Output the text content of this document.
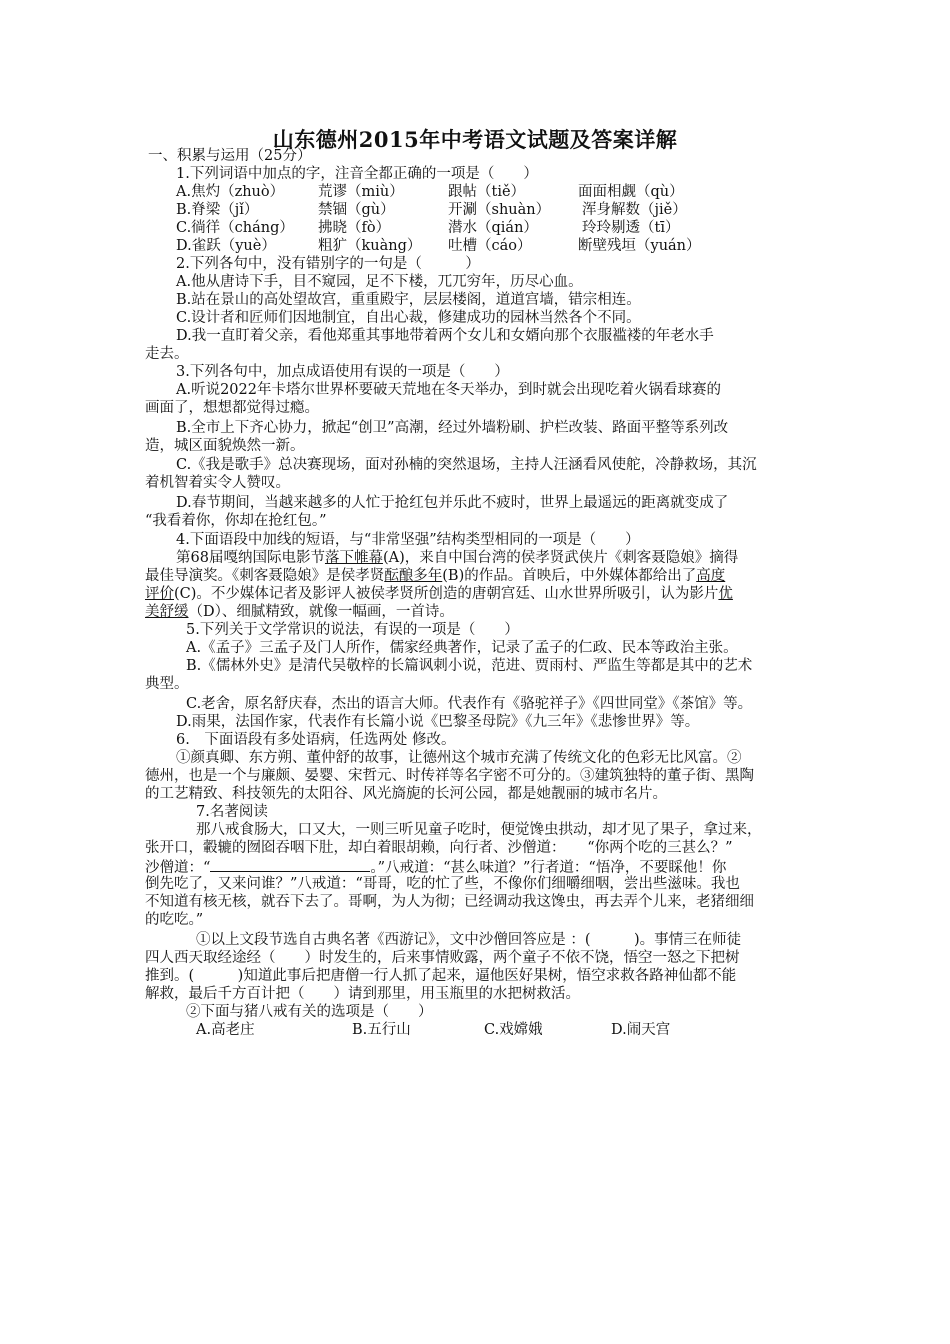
山东德州2015年中考语文试题及答案详解
一、积累与运用（25分）
1.下列词语中加点的字，注音全都正确的一项是（　　）
A.焦灼（zhuò） 荒谬（miù）	跟帖（tiě）	面面相觑（qù）
B.脊梁（jǐ）	禁锢（gù）	开涮（shuàn） 浑身解数（jiě）
C.徜徉（cháng） 拂晓（fò）	潜水（qián）	玲玲剔透（tī）
D.雀跃（yuè）	粗犷（kuàng） 吐槽（cáo）	断壁残垣（yuán）
2.下列各句中，没有错别字的一句是（　　　）
A.他从唐诗下手，目不窥园，足不下楼，兀兀穷年，历尽心血。
B.站在景山的高处望故宫，重重殿宇，层层楼阁，道道宫墙，错宗相连。
C.设计者和匠师们因地制宜，自出心裁，修建成功的园林当然各个不同。
D.我一直盯着父亲，看他郑重其事地带着两个女儿和女婿向那个衣服褴褛的年老水手
走去。
3.下列各句中，加点成语使用有误的一项是（　　）
A.听说2022年卡塔尔世界杯要破天荒地在冬天举办，到时就会出现吃着火锅看球赛的
画面了，想想都觉得过瘾。
B.全市上下齐心协力，掀起“创卫”高潮，经过外墙粉刷、护栏改装、路面平整等系列改
造，城区面貌焕然一新。
C.《我是歌手》总决赛现场，面对孙楠的突然退场，主持人汪涵看风使舵，冷静救场，其沉
着机智着实令人赞叹。
D.春节期间，当越来越多的人忙于抢红包并乐此不疲时，世界上最遥远的距离就变成了
“我看着你，你却在抢红包。”
4.下面语段中加线的短语，与“非常坚强”结构类型相同的一项是（　　）
第68届嘎纳国际电影节落下帷幕(A)，来自中国台湾的侯孝贤武侠片《刺客聂隐娘》摘得
最佳导演奖。《刺客聂隐娘》是侯孝贤酝酿多年(B)的作品。首映后，中外媒体都给出了高度
评价(C)。不少媒体记者及影评人被侯孝贤所创造的唐朝宫廷、山水世界所吸引，认为影片优
美舒缓（D）、细腻精致，就像一幅画，一首诗。
5.下列关于文学常识的说法，有误的一项是（　　）
A.《孟子》三孟子及门人所作，儒家经典著作，记录了孟子的仁政、民本等政治主张。
B.《儒林外史》是清代吴敬梓的长篇讽刺小说，范进、贾雨村、严监生等都是其中的艺术
典型。
C.老舍，原名舒庆春，杰出的语言大师。代表作有《骆驼祥子》《四世同堂》《茶馆》等。
D.雨果，法国作家，代表作有长篇小说《巴黎圣母院》《九三年》《悲惨世界》等。
6.　下面语段有多处语病，任选两处 修改。
①颜真卿、东方朔、董仲舒的故事，让德州这个城市充满了传统文化的色彩无比风富。②
德州，也是一个与廉颇、晏婴、宋哲元、时传祥等名字密不可分的。③建筑独特的董子街、黑陶
的工艺精致、科技领先的太阳谷、风光旖旎的长河公园，都是她靓丽的城市名片。
7.名著阅读
那八戒食肠大，口又大，一则三听见童子吃时，便觉馋虫拱动，却才见了果子，拿过来，
张开口，轂辘的囫囵吞咽下肚，却白着眼胡赖，向行者、沙僧道：　　“你两个吃的三甚么？”
沙僧道：“	。”八戒道：“甚么味道？”行者道：“悟净，不要睬他！你
倒先吃了，又来问谁？”八戒道：“哥哥，吃的忙了些，不像你们细嚼细咽，尝出些滋味。我也
不知道有核无核，就吞下去了。哥啊，为人为彻；已经调动我这馋虫，再去弄个儿来，老猪细细
的吃吃。”
①以上文段节选自古典名著《西游记》，文中沙僧回答应是 ：(　　　)。事情三在师徒
四人西天取经途经（　　）时发生的，后来事情败露，两个童子不依不饶，悟空一怒之下把树
推到。(　　　)知道此事后把唐僧一行人抓了起来，逼他医好果树，悟空求救各路神仙都不能
解救，最后千方百计把（　　）请到那里，用玉瓶里的水把树救活。
②下面与猪八戒有关的选项是（　　）
A.高老庄	B.五行山	C.戏嫦娥	D.闹天宫
